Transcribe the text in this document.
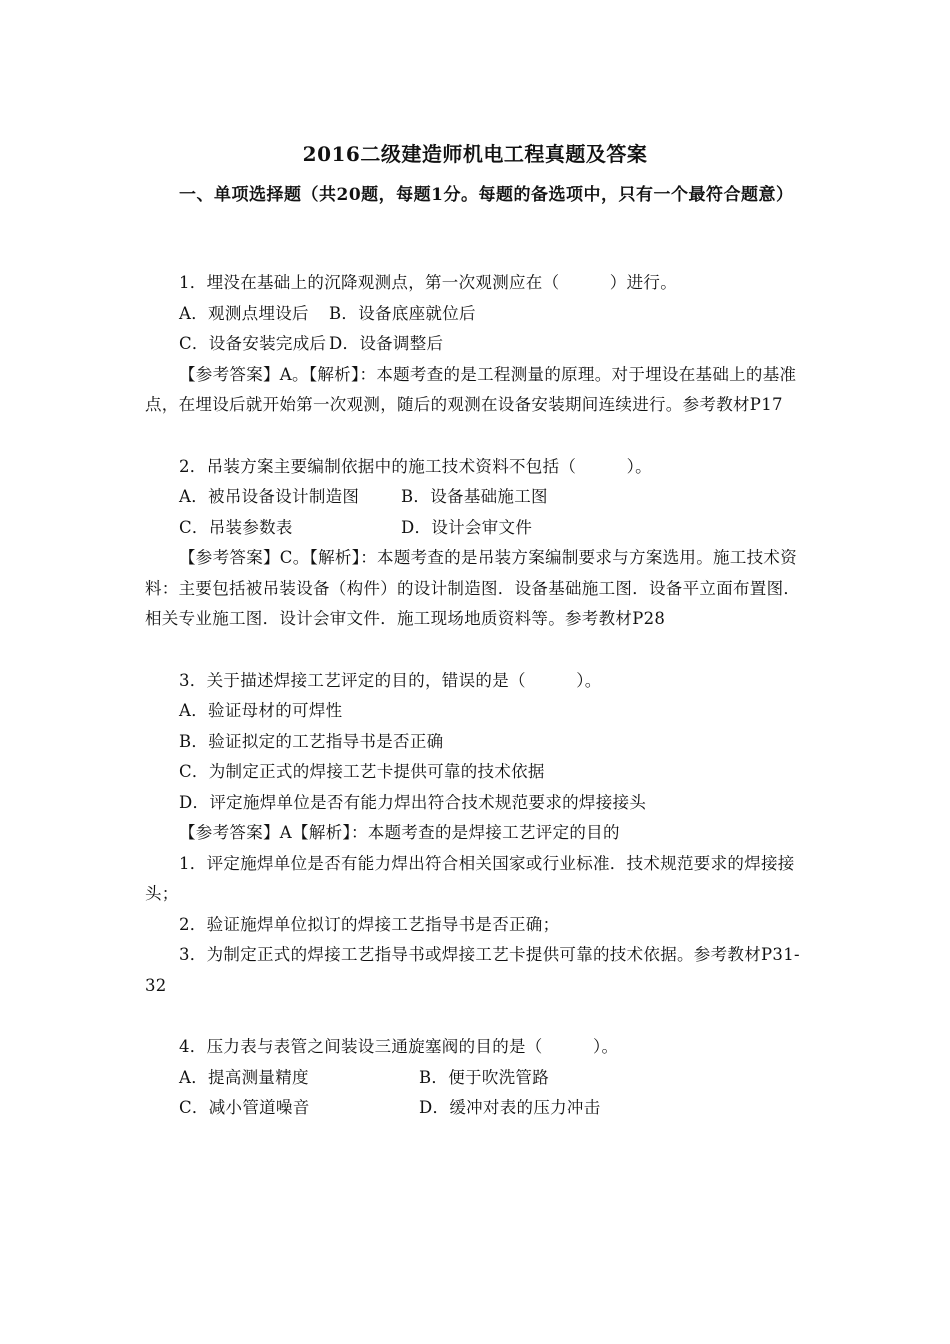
2016二级建造师机电工程真题及答案
一、单项选择题（共20题，每题1分。每题的备选项中，只有一个最符合题意）
1．埋没在基础上的沉降观测点，第一次观测应在（　　　）进行。
A．观测点埋设后	B．设备底座就位后
C．设备安装完成后 D．设备调整后
【参考答案】A。【解析】：本题考查的是工程测量的原理。对于埋设在基础上的基准点，在埋设后就开始第一次观测，随后的观测在设备安装期间连续进行。参考教材P17
2．吊装方案主要编制依据中的施工技术资料不包括（　　　）。
A．被吊设备设计制造图	B．设备基础施工图
C．吊装参数表	D．设计会审文件
【参考答案】C。【解析】：本题考查的是吊装方案编制要求与方案选用。施工技术资料：主要包括被吊装设备（构件）的设计制造图．设备基础施工图．设备平立面布置图．相关专业施工图．设计会审文件．施工现场地质资料等。参考教材P28
3．关于描述焊接工艺评定的目的，错误的是（　　　）。
A．验证母材的可焊性
B．验证拟定的工艺指导书是否正确
C．为制定正式的焊接工艺卡提供可靠的技术依据
D．评定施焊单位是否有能力焊出符合技术规范要求的焊接接头
【参考答案】A【解析】：本题考查的是焊接工艺评定的目的
1．评定施焊单位是否有能力焊出符合相关国家或行业标准．技术规范要求的焊接接头；
2．验证施焊单位拟订的焊接工艺指导书是否正确；
3．为制定正式的焊接工艺指导书或焊接工艺卡提供可靠的技术依据。参考教材P31-32
4．压力表与表管之间装设三通旋塞阀的目的是（　　　）。
A．提高测量精度	B．便于吹洗管路
C．减小管道噪音	D．缓冲对表的压力冲击
